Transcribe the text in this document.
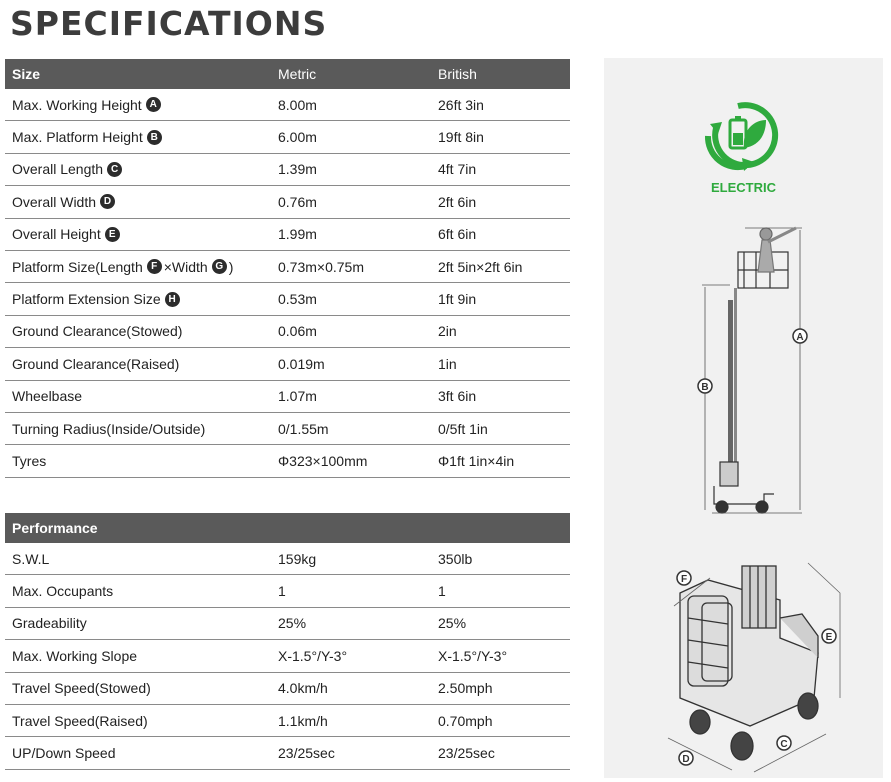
SPECIFICATIONS
Size	Metric	British
Max. Working Height A	8.00m	26ft 3in
Max. Platform Height B	6.00m	19ft 8in
Overall Length C	1.39m	4ft 7in
Overall Width D	0.76m	2ft 6in
Overall Height E	1.99m	6ft 6in
Platform Size(Length F ×Width G )	0.73m×0.75m	2ft 5in×2ft 6in
Platform Extension Size H	0.53m	1ft 9in
Ground Clearance(Stowed)	0.06m	2in
Ground Clearance(Raised)	0.019m	1in
Wheelbase	1.07m	3ft 6in
Turning Radius(Inside/Outside)	0/1.55m	0/5ft 1in
Tyres	Φ323×100mm	Φ1ft 1in×4in
Performance
S.W.L	159kg	350lb
Max. Occupants	1	1
Gradeability	25%	25%
Max. Working Slope	X-1.5°/Y-3°	X-1.5°/Y-3°
Travel Speed(Stowed)	4.0km/h	2.50mph
Travel Speed(Raised)	1.1km/h	0.70mph
UP/Down Speed	23/25sec	23/25sec
B
A
F
E
D
C
ELECTRIC
